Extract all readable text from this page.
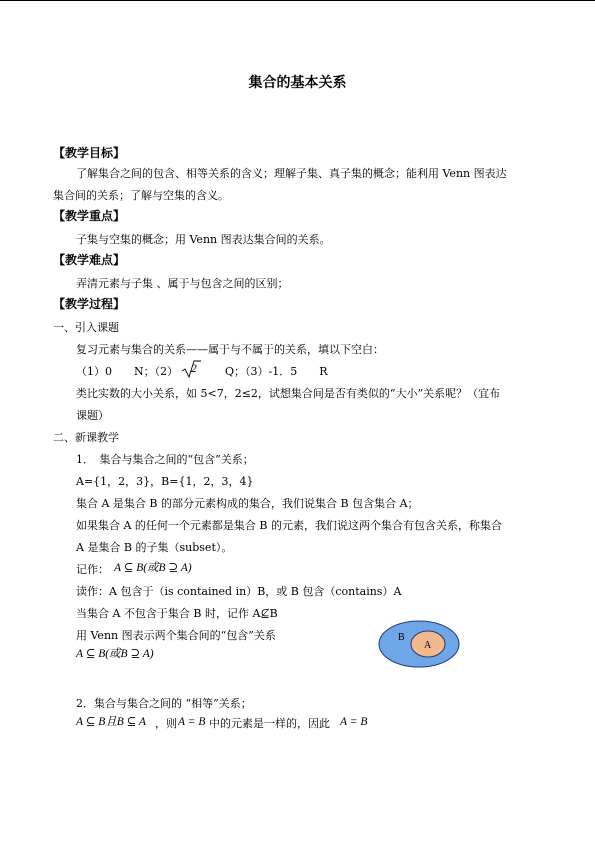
集合的基本关系
【教学目标】
了解集合之间的包含、相等关系的含义；理解子集、真子集的概念；能利用 Venn 图表达
集合间的关系；了解与空集的含义。
【教学重点】
子集与空集的概念；用 Venn 图表达集合间的关系。
【教学难点】
弄清元素与子集 、属于与包含之间的区别；
【教学过程】
一、引入课题
复习元素与集合的关系——属于与不属于的关系，填以下空白：
（1）0　　N；（2） 2	Q；（3）-1．5　　R
类比实数的大小关系，如 5<7，2≤2，试想集合间是否有类似的“大小”关系呢？（宜布
课题）
二、新课教学
1．　集合与集合之间的“包含”关系；
A={1，2，3}，B={1，2，3，4}
集合 A 是集合 B 的部分元素构成的集合，我们说集合 B 包含集合 A；
如果集合 A 的任何一个元素都是集合 B 的元素，我们说这两个集合有包含关系，称集合
A 是集合 B 的子集（subset）。
记作： A ⊆ B(或B ⊇ A)
读作：A 包含于（is contained in）B，或 B 包含（contains）A
当集合 A 不包含于集合 B 时，记作 A⊈B
用 Venn 图表示两个集合间的“包含”关系
A ⊆ B(或B ⊇ A)
B
A
2．集合与集合之间的 “相等”关系；
A ⊆ B且B ⊆ A ，则 A = B 中的元素是一样的，因此 A = B
